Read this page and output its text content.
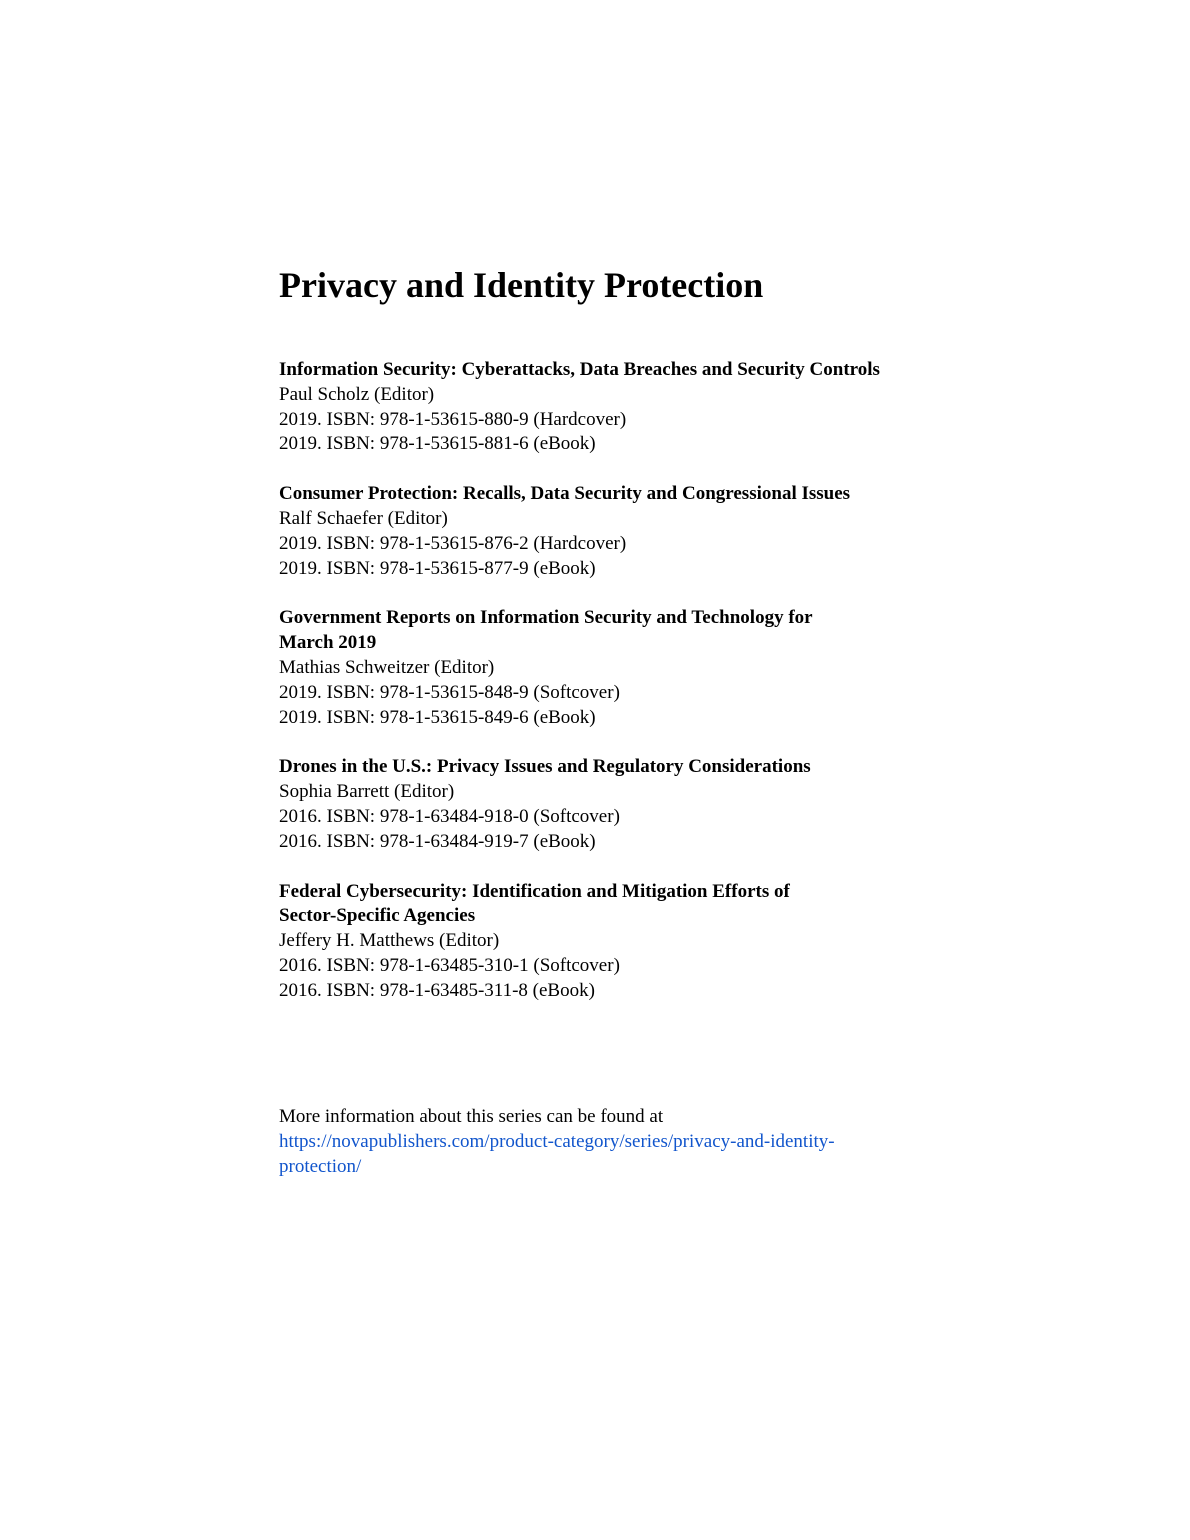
Privacy and Identity Protection
Information Security: Cyberattacks, Data Breaches and Security Controls
Paul Scholz (Editor)
2019. ISBN: 978-1-53615-880-9 (Hardcover)
2019. ISBN: 978-1-53615-881-6 (eBook)
Consumer Protection: Recalls, Data Security and Congressional Issues
Ralf Schaefer (Editor)
2019. ISBN: 978-1-53615-876-2 (Hardcover)
2019. ISBN: 978-1-53615-877-9 (eBook)
Government Reports on Information Security and Technology for
March 2019
Mathias Schweitzer (Editor)
2019. ISBN: 978-1-53615-848-9 (Softcover)
2019. ISBN: 978-1-53615-849-6 (eBook)
Drones in the U.S.: Privacy Issues and Regulatory Considerations
Sophia Barrett (Editor)
2016. ISBN: 978-1-63484-918-0 (Softcover)
2016. ISBN: 978-1-63484-919-7 (eBook)
Federal Cybersecurity: Identification and Mitigation Efforts of
Sector-Specific Agencies
Jeffery H. Matthews (Editor)
2016. ISBN: 978-1-63485-310-1 (Softcover)
2016. ISBN: 978-1-63485-311-8 (eBook)
More information about this series can be found at
https://novapublishers.com/product-category/series/privacy-and-identity-
protection/
